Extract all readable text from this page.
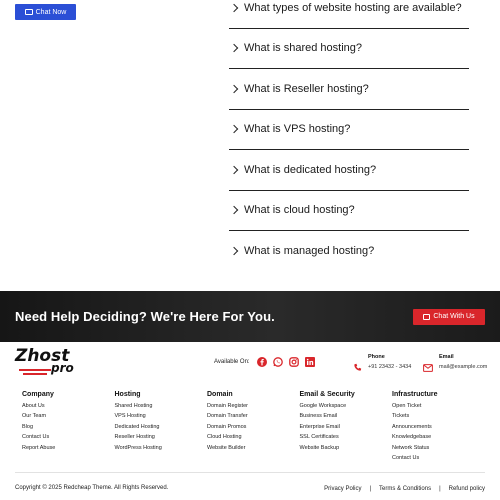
Chat Now	What types of website hosting are available?
What is shared hosting?
What is Reseller hosting?
What is VPS hosting?
What is dedicated hosting?
What is cloud hosting?
What is managed hosting?
Need Help Deciding? We're Here For You.	Chat With Us
Zhost
pro	Available On:
Phone
+91 23432 - 3434
Email
mail@example.com
Company
About Us
Our Team
Blog
Contact Us
Report Abuse
Hosting
Shared Hosting
VPS Hosting
Dedicated Hosting
Reseller Hosting
WordPress Hosting
Domain
Domain Register
Domain Transfer
Domain Promos
Cloud Hosting
Website Builder
Email & Security
Google Workspace
Business Email
Enterprise Email
SSL Certificates
Website Backup
Infrastructure
Open Ticket
Tickets
Announcements
Knowledgebase
Network Status
Contact Us
Copyright © 2025 Redcheap Theme. All Rights Reserved.	Privacy Policy | Terms & Conditions | Refund policy
